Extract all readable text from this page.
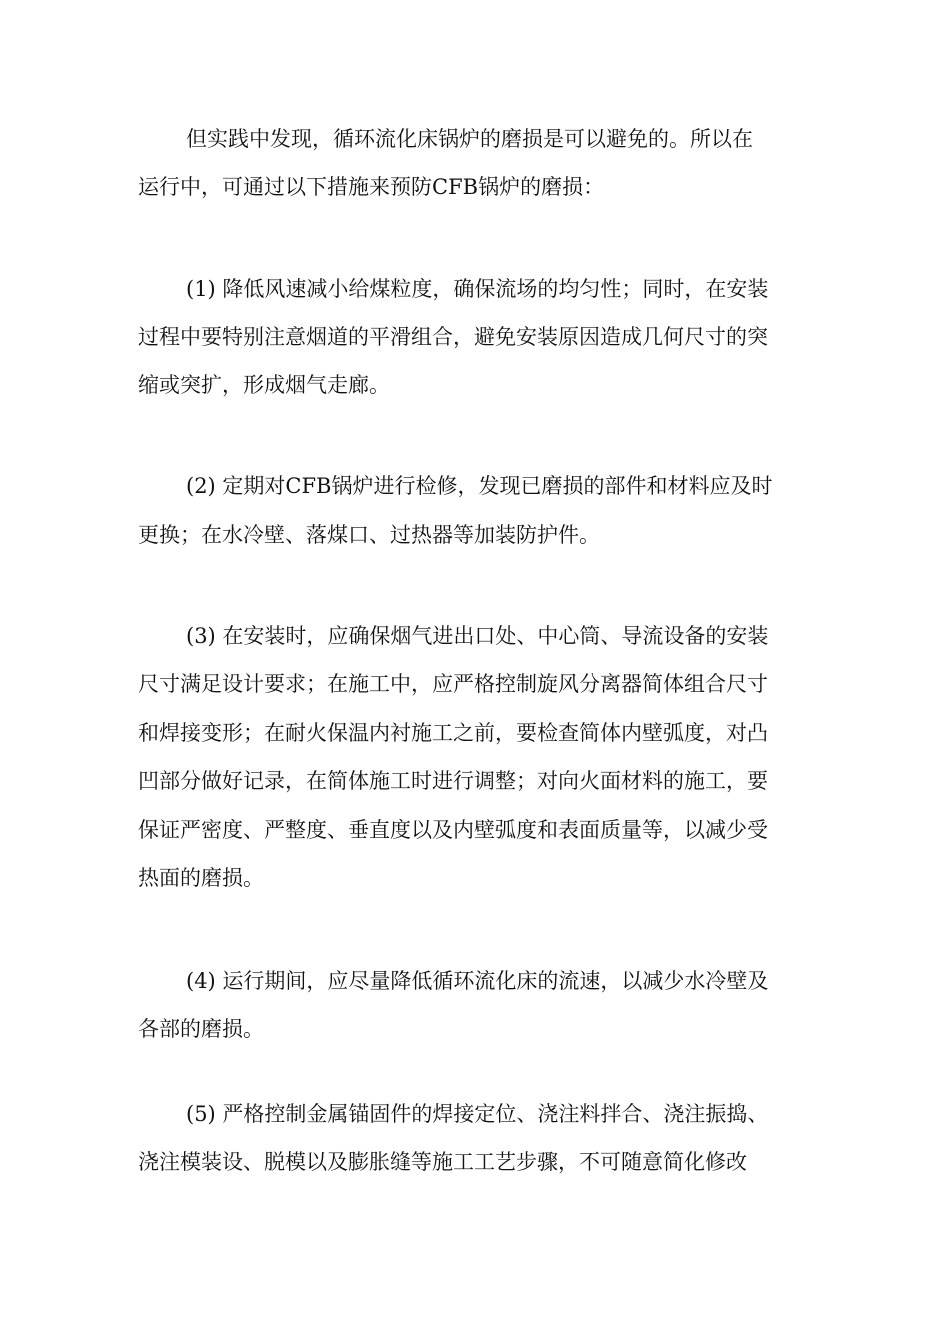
但实践中发现，循环流化床锅炉的磨损是可以避免的。所以在
运行中，可通过以下措施来预防CFB锅炉的磨损：
(1) 降低风速减小给煤粒度，确保流场的均匀性；同时，在安装
过程中要特别注意烟道的平滑组合，避免安装原因造成几何尺寸的突
缩或突扩，形成烟气走廊。
(2) 定期对CFB锅炉进行检修，发现已磨损的部件和材料应及时
更换；在水冷壁、落煤口、过热器等加装防护件。
(3) 在安装时，应确保烟气进出口处、中心筒、导流设备的安装
尺寸满足设计要求；在施工中，应严格控制旋风分离器简体组合尺寸
和焊接变形；在耐火保温内衬施工之前，要检查简体内壁弧度，对凸
凹部分做好记录，在简体施工时进行调整；对向火面材料的施工，要
保证严密度、严整度、垂直度以及内壁弧度和表面质量等，以减少受
热面的磨损。
(4) 运行期间，应尽量降低循环流化床的流速，以减少水冷壁及
各部的磨损。
(5) 严格控制金属锚固件的焊接定位、浇注料拌合、浇注振捣、
浇注模装设、脱模以及膨胀缝等施工工艺步骤，不可随意简化修改
